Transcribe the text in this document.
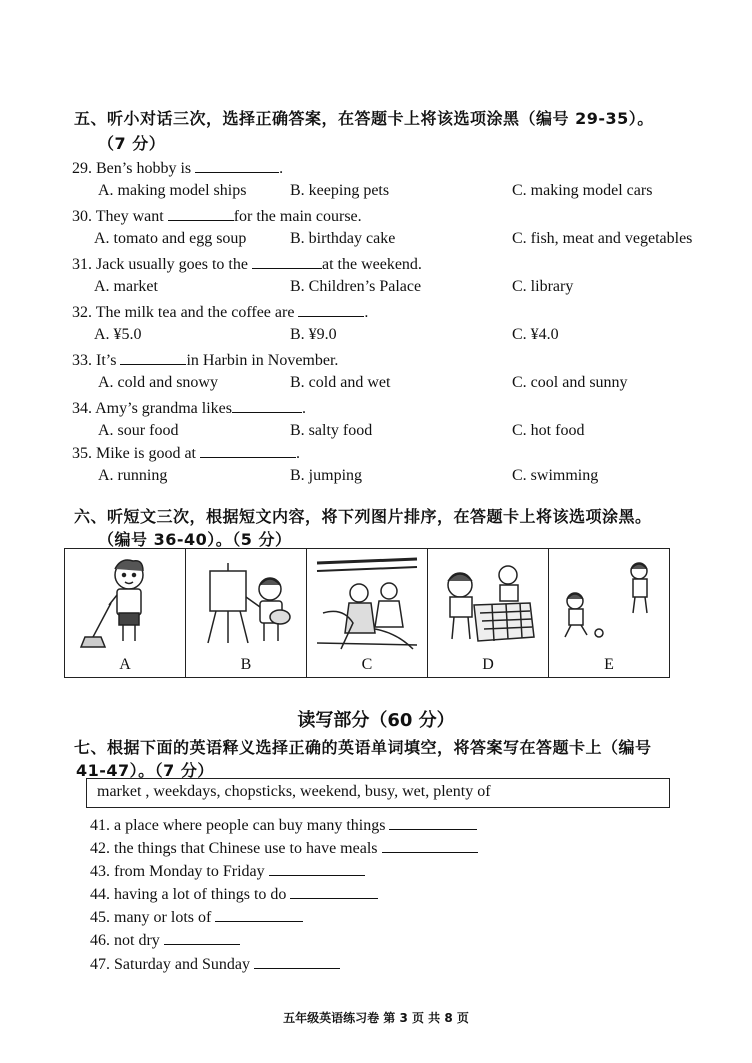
五、听小对话三次，选择正确答案，在答题卡上将该选项涂黑（编号 29-35）。
（7 分）
29. Ben’s hobby is	.
A. making model ships	B. keeping pets	C. making model cars
30. They want	for the main course.
A. tomato and egg soup	B. birthday cake	C. fish, meat and vegetables
31. Jack usually goes to the	at the weekend.
A. market	B. Children’s Palace	C. library
32. The milk tea and the coffee are	.
A. ¥5.0	B. ¥9.0	C. ¥4.0
33. It’s	in Harbin in November.
A. cold and snowy	B. cold and wet	C. cool and sunny
34. Amy’s grandma likes	.
A. sour food	B. salty food	C. hot food
35. Mike is good at	.
A. running	B. jumping	C. swimming
六、听短文三次，根据短文内容，将下列图片排序，在答题卡上将该选项涂黑。
（编号 36-40）。（5 分）
A	B	C	D	E
读写部分（60 分）
七、根据下面的英语释义选择正确的英语单词填空，将答案写在答题卡上（编号
41-47）。（7 分）
market , weekdays, chopsticks, weekend, busy, wet, plenty of
41. a place where people can buy many things
42. the things that Chinese use to have meals
43. from Monday to Friday
44. having a lot of things to do
45. many or lots of
46. not dry
47. Saturday and Sunday
五年级英语练习卷 第 3 页 共 8 页
